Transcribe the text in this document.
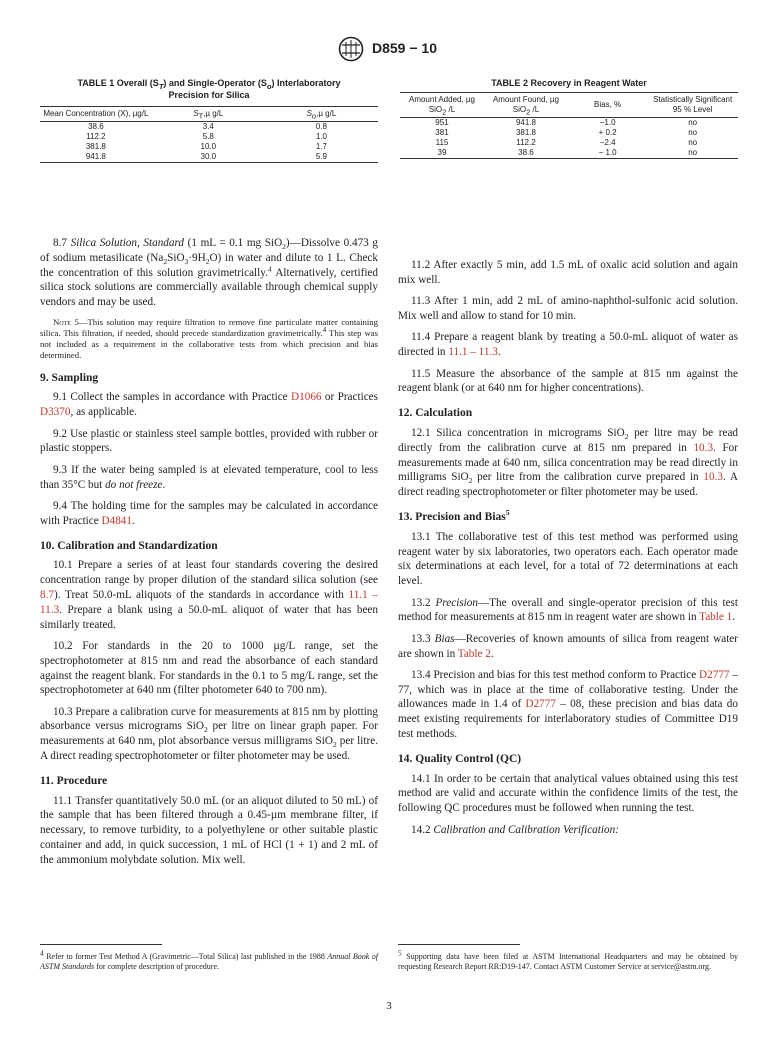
D859 − 10
TABLE 1 Overall $(S_T)$ and Single-Operator $(S_o)$ Interlaboratory
Precision for Silica
Mean Concentration (X), µg/L	$S_T,\mu$ g/L	$S_o,\mu$ g/L
38.6	3.4	0.8
112.2	5.8	1.0
381.8	10.0	1.7
941.8	30.0	5.9
TABLE 2 Recovery in Reagent Water
Amount Added, µg SiO$_2$ /L	Amount Found, µg SiO$_2$ /L	Bias, %	Statistically Significant 95 % Level
951	941.8	−1.0	no
381	381.8	+ 0.2	no
115	112.2	−2.4	no
39	38.6	− 1.0	no

8.7 Silica Solution, Standard (1 mL = 0.1 mg SiO$_2$)—Dissolve 0.473 g of sodium metasilicate $(Na_2SiO_3\cdot 9H_2O)$ in water and dilute to 1 L. Check the concentration of this solution gravimetrically.$^4$ Alternatively, certified silica stock solutions are commercially available through chemical supply vendors and may be used.

Note 5—This solution may require filtration to remove fine particulate matter containing silica. This filtration, if needed, should precede standardization gravimetrically.$^4$ This step was not included as a requirement in the collaborative tests from which precision and bias determined.

9. Sampling

9.1 Collect the samples in accordance with Practice D1066 or Practices D3370, as applicable.

9.2 Use plastic or stainless steel sample bottles, provided with rubber or plastic stoppers.

9.3 If the water being sampled is at elevated temperature, cool to less than 35°C but do not freeze.

9.4 The holding time for the samples may be calculated in accordance with Practice D4841.

10. Calibration and Standardization

10.1 Prepare a series of at least four standards covering the desired concentration range by proper dilution of the standard silica solution (see 8.7). Treat 50.0-mL aliquots of the standards in accordance with 11.1 – 11.3. Prepare a blank using a 50.0-mL aliquot of water that has been similarly treated.

10.2 For standards in the 20 to 1000 µg/L range, set the spectrophotometer at 815 nm and read the absorbance of each standard against the reagent blank. For standards in the 0.1 to 5 mg/L range, set the spectrophotometer at 640 nm (filter photometer 640 to 700 nm).

10.3 Prepare a calibration curve for measurements at 815 nm by plotting absorbance versus micrograms SiO$_2$ per litre on linear graph paper. For measurements at 640 nm, plot absorbance versus milligrams SiO$_2$ per litre. A direct reading spectrophotometer or filter photometer may be used.

11. Procedure

11.1 Transfer quantitatively 50.0 mL (or an aliquot diluted to 50 mL) of the sample that has been filtered through a 0.45-µm membrane filter, if necessary, to remove turbidity, to a polyethylene or other suitable plastic container and add, in quick succession, 1 mL of HCl (1 + 1) and 2 mL of the ammonium molybdate solution. Mix well.

11.2 After exactly 5 min, add 1.5 mL of oxalic acid solution and again mix well.

11.3 After 1 min, add 2 mL of amino-naphthol-sulfonic acid solution. Mix well and allow to stand for 10 min.

11.4 Prepare a reagent blank by treating a 50.0-mL aliquot of water as directed in 11.1 – 11.3.

11.5 Measure the absorbance of the sample at 815 nm against the reagent blank (or at 640 nm for higher concentrations).

12. Calculation

12.1 Silica concentration in micrograms SiO$_2$ per litre may be read directly from the calibration curve at 815 nm prepared in 10.3. For measurements made at 640 nm, silica concentration may be read directly in milligrams SiO$_2$ per litre from the calibration curve prepared in 10.3. A direct reading spectrophotometer or filter photometer may be used.

13. Precision and Bias$^5$

13.1 The collaborative test of this test method was performed using reagent water by six laboratories, two operators each. Each operator made six determinations at each level, for a total of 72 determinations at each level.

13.2 Precision—The overall and single-operator precision of this test method for measurements at 815 nm in reagent water are shown in Table 1.

13.3 Bias—Recoveries of known amounts of silica from reagent water are shown in Table 2.

13.4 Precision and bias for this test method conform to Practice D2777 – 77, which was in place at the time of collaborative testing. Under the allowances made in 1.4 of D2777 – 08, these precision and bias data do meet existing requirements for interlaboratory studies of Committee D19 test methods.

14. Quality Control (QC)

14.1 In order to be certain that analytical values obtained using this test method are valid and accurate within the confidence limits of the test, the following QC procedures must be followed when running the test.

14.2 Calibration and Calibration Verification:

$^4$ Refer to former Test Method A (Gravimetric—Total Silica) last published in the 1988 Annual Book of ASTM Standards for complete description of procedure.
$^5$ Supporting data have been filed at ASTM International Headquarters and may be obtained by requesting Research Report RR:D19-147. Contact ASTM Customer Service at service@astm.org.
3
